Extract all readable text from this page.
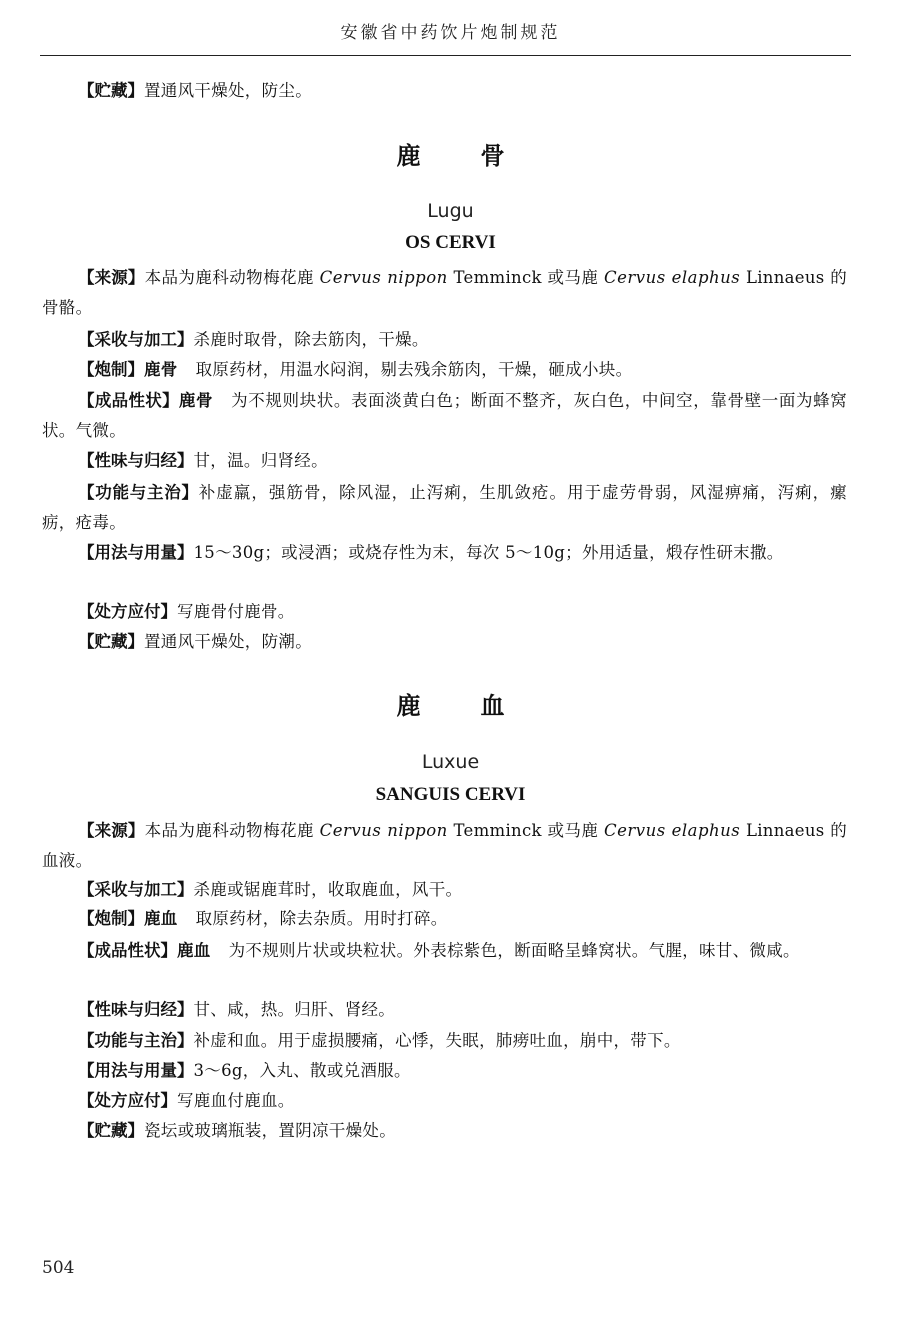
安徽省中药饮片炮制规范
【贮藏】置通风干燥处，防尘。
鹿	骨
Lugu
OS CERVI
【来源】本品为鹿科动物梅花鹿 Cervus nippon Temminck 或马鹿 Cervus elaphus Linnaeus 的骨骼。
【采收与加工】杀鹿时取骨，除去筋肉，干燥。
【炮制】鹿骨 取原药材，用温水闷润，剔去残余筋肉，干燥，砸成小块。
【成品性状】鹿骨 为不规则块状。表面淡黄白色；断面不整齐，灰白色，中间空，靠骨壁一面为蜂窝状。气微。
【性味与归经】甘，温。归肾经。
【功能与主治】补虚羸，强筋骨，除风湿，止泻痢，生肌敛疮。用于虚劳骨弱，风湿痹痛，泻痢，瘰疬，疮毒。
【用法与用量】15～30g；或浸酒；或烧存性为末，每次 5～10g；外用适量，煅存性研末撒。
【处方应付】写鹿骨付鹿骨。
【贮藏】置通风干燥处，防潮。
鹿	血
Luxue
SANGUIS CERVI
【来源】本品为鹿科动物梅花鹿 Cervus nippon Temminck 或马鹿 Cervus elaphus Linnaeus 的血液。
【采收与加工】杀鹿或锯鹿茸时，收取鹿血，风干。
【炮制】鹿血 取原药材，除去杂质。用时打碎。
【成品性状】鹿血 为不规则片状或块粒状。外表棕紫色，断面略呈蜂窝状。气腥，味甘、微咸。
【性味与归经】甘、咸，热。归肝、肾经。
【功能与主治】补虚和血。用于虚损腰痛，心悸，失眠，肺痨吐血，崩中，带下。
【用法与用量】3～6g，入丸、散或兑酒服。
【处方应付】写鹿血付鹿血。
【贮藏】瓷坛或玻璃瓶装，置阴凉干燥处。
504
